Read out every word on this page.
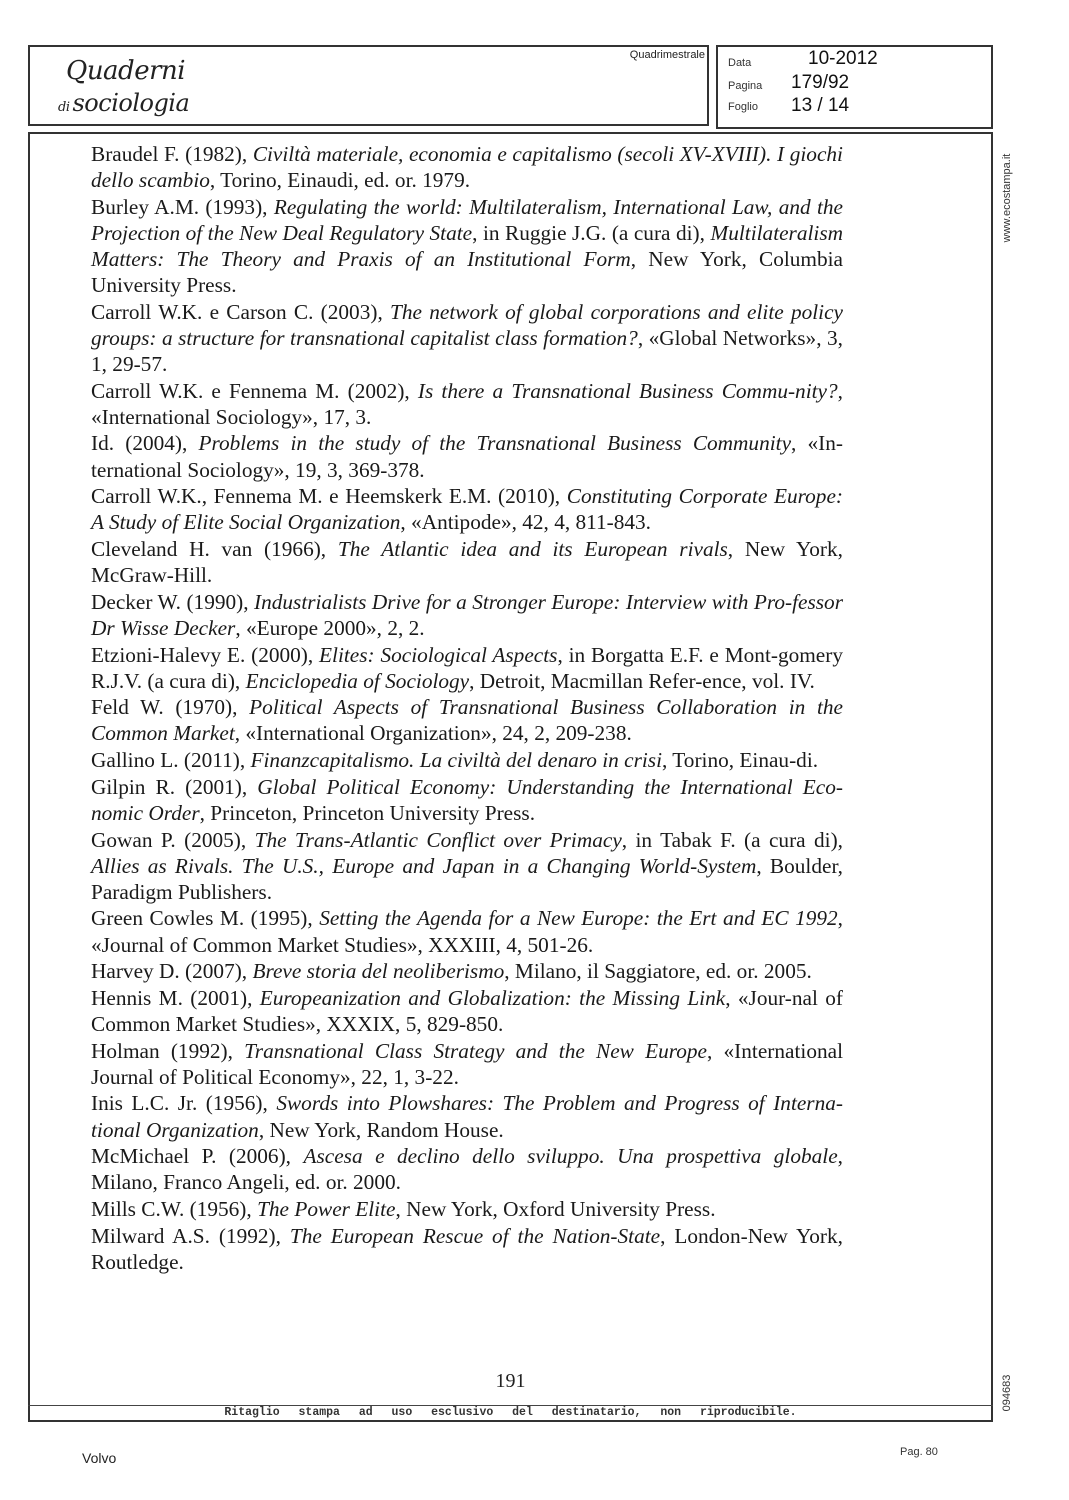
Quaderni
di sociologia
Quadrimestrale
Data	10-2012
Pagina 179/92
Foglio 13 / 14
www.ecostampa.it
094683
Braudel F. (1982), Civiltà materiale, economia e capitalismo (secoli XV-XVIII). I giochi dello scambio, Torino, Einaudi, ed. or. 1979.
Burley A.M. (1993), Regulating the world: Multilateralism, International Law, and the Projection of the New Deal Regulatory State, in Ruggie J.G. (a cura di), Multilateralism Matters: The Theory and Praxis of an Institutional Form, New York, Columbia University Press.
Carroll W.K. e Carson C. (2003), The network of global corporations and elite policy groups: a structure for transnational capitalist class formation?, «Global Networks», 3, 1, 29-57.
Carroll W.K. e Fennema M. (2002), Is there a Transnational Business Commu-nity?, «International Sociology», 17, 3.
Id. (2004), Problems in the study of the Transnational Business Community, «In-ternational Sociology», 19, 3, 369-378.
Carroll W.K., Fennema M. e Heemskerk E.M. (2010), Constituting Corporate Europe: A Study of Elite Social Organization, «Antipode», 42, 4, 811-843.
Cleveland H. van (1966), The Atlantic idea and its European rivals, New York, McGraw-Hill.
Decker W. (1990), Industrialists Drive for a Stronger Europe: Interview with Pro-fessor Dr Wisse Decker, «Europe 2000», 2, 2.
Etzioni-Halevy E. (2000), Elites: Sociological Aspects, in Borgatta E.F. e Mont-gomery R.J.V. (a cura di), Enciclopedia of Sociology, Detroit, Macmillan Refer-ence, vol. IV.
Feld W. (1970), Political Aspects of Transnational Business Collaboration in the Common Market, «International Organization», 24, 2, 209-238.
Gallino L. (2011), Finanzcapitalismo. La civiltà del denaro in crisi, Torino, Einau-di.
Gilpin R. (2001), Global Political Economy: Understanding the International Eco-nomic Order, Princeton, Princeton University Press.
Gowan P. (2005), The Trans-Atlantic Conflict over Primacy, in Tabak F. (a cura di), Allies as Rivals. The U.S., Europe and Japan in a Changing World-System, Boulder, Paradigm Publishers.
Green Cowles M. (1995), Setting the Agenda for a New Europe: the Ert and EC 1992, «Journal of Common Market Studies», XXXIII, 4, 501-26.
Harvey D. (2007), Breve storia del neoliberismo, Milano, il Saggiatore, ed. or. 2005.
Hennis M. (2001), Europeanization and Globalization: the Missing Link, «Jour-nal of Common Market Studies», XXXIX, 5, 829-850.
Holman (1992), Transnational Class Strategy and the New Europe, «International Journal of Political Economy», 22, 1, 3-22.
Inis L.C. Jr. (1956), Swords into Plowshares: The Problem and Progress of Interna-tional Organization, New York, Random House.
McMichael P. (2006), Ascesa e declino dello sviluppo. Una prospettiva globale, Milano, Franco Angeli, ed. or. 2000.
Mills C.W. (1956), The Power Elite, New York, Oxford University Press.
Milward A.S. (1992), The European Rescue of the Nation-State, London-New York, Routledge.
191
Ritaglio stampa ad uso esclusivo del destinatario, non riproducibile.
Volvo	Pag. 80
